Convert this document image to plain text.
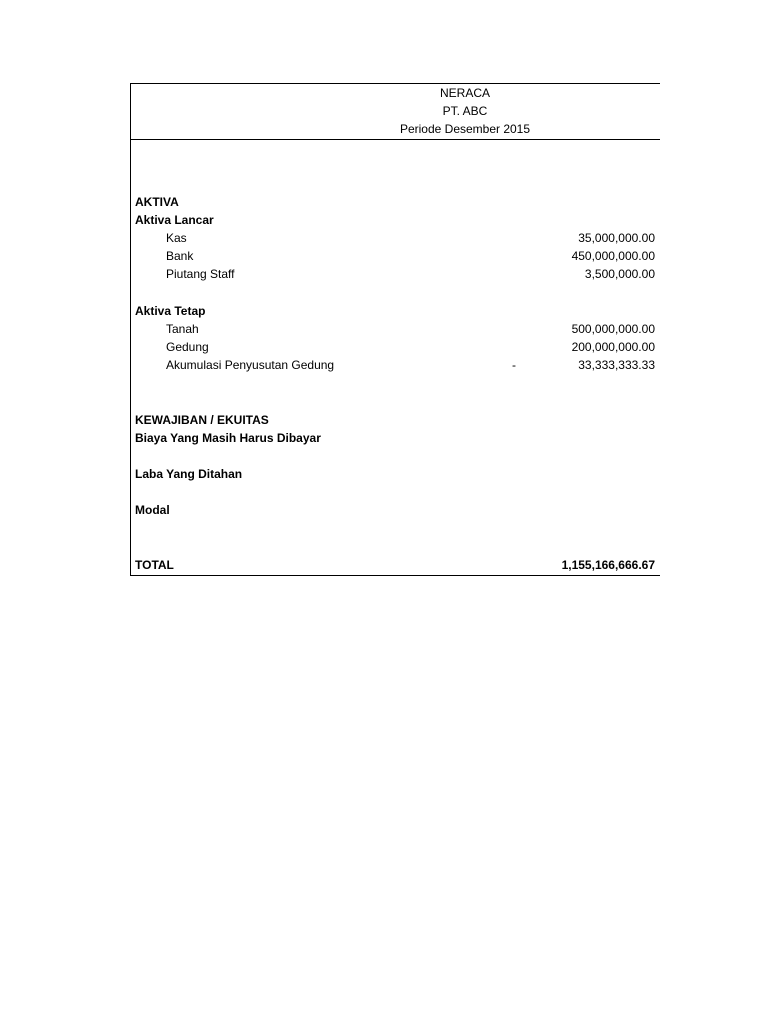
NERACA
PT. ABC
Periode Desember 2015
AKTIVA
Aktiva Lancar
Kas	35,000,000.00
Bank	450,000,000.00
Piutang Staff	3,500,000.00
Aktiva Tetap
Tanah	500,000,000.00
Gedung	200,000,000.00
Akumulasi Penyusutan Gedung	-	33,333,333.33
KEWAJIBAN / EKUITAS
Biaya Yang Masih Harus Dibayar
Laba Yang Ditahan
Modal
TOTAL	1,155,166,666.67
